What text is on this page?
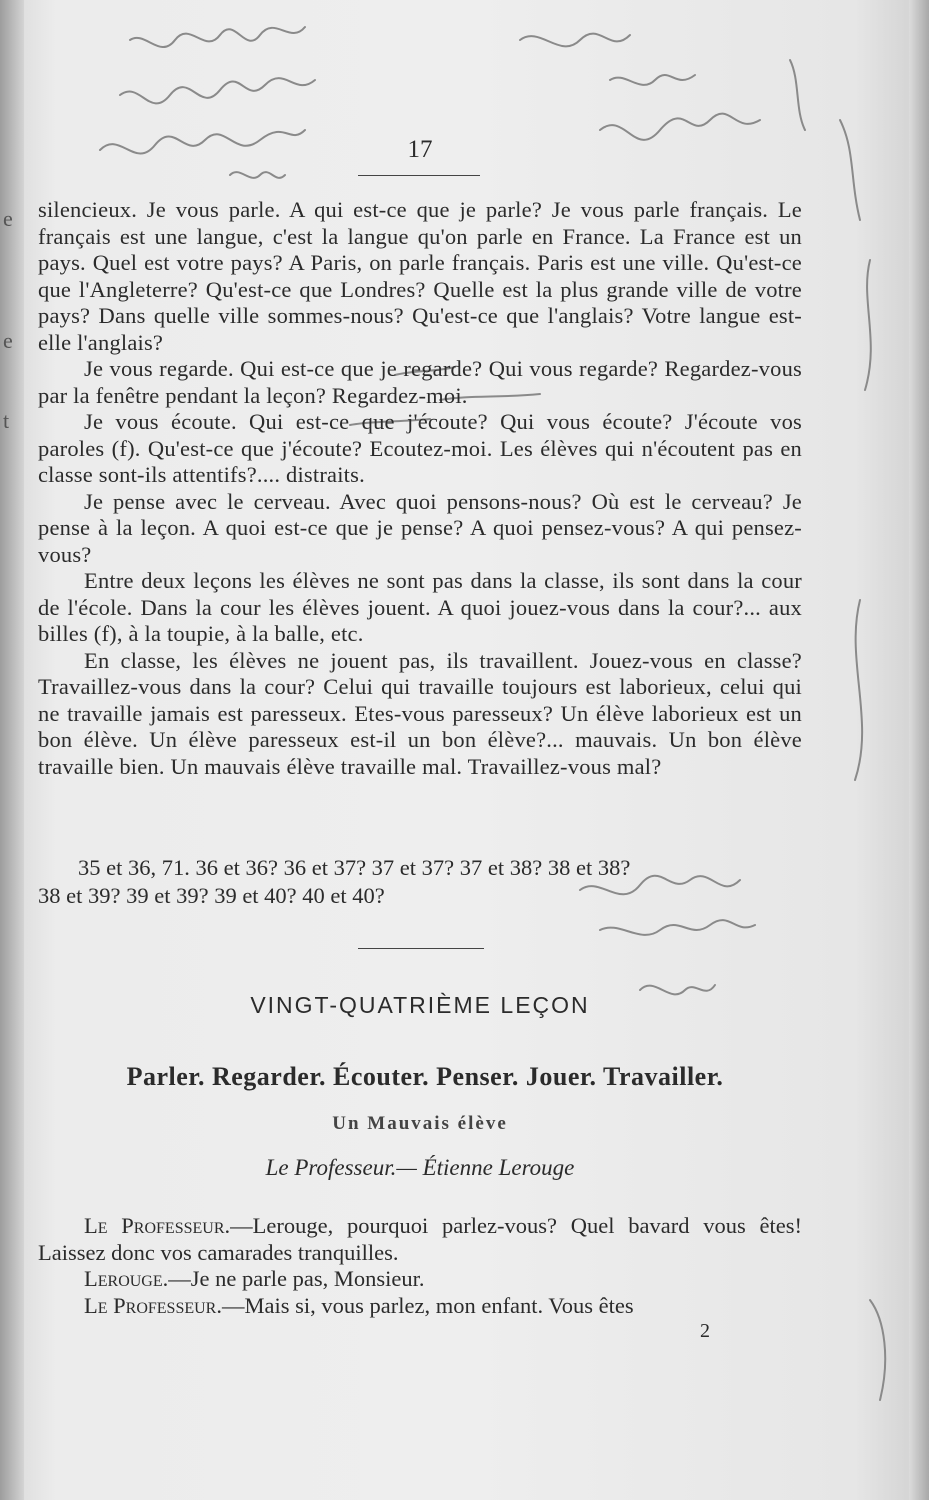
e
e
t
17

silencieux. Je vous parle. A qui est-ce que je parle? Je vous parle français. Le français est une langue, c'est la langue qu'on parle en France. La France est un pays. Quel est votre pays? A Paris, on parle français. Paris est une ville. Qu'est-ce que l'Angleterre? Qu'est-ce que Londres? Quelle est la plus grande ville de votre pays? Dans quelle ville sommes-nous? Qu'est-ce que l'anglais? Votre langue est-elle l'anglais?

Je vous regarde. Qui est-ce que je regarde? Qui vous regarde? Regardez-vous par la fenêtre pendant la leçon? Regardez-moi.

Je vous écoute. Qui est-ce que j'écoute? Qui vous écoute? J'écoute vos paroles (f). Qu'est-ce que j'écoute? Ecoutez-moi. Les élèves qui n'écoutent pas en classe sont-ils attentifs?.... distraits.

Je pense avec le cerveau. Avec quoi pensons-nous? Où est le cerveau? Je pense à la leçon. A quoi est-ce que je pense? A quoi pensez-vous? A qui pensez-vous?

Entre deux leçons les élèves ne sont pas dans la classe, ils sont dans la cour de l'école. Dans la cour les élèves jouent. A quoi jouez-vous dans la cour?... aux billes (f), à la toupie, à la balle, etc.

En classe, les élèves ne jouent pas, ils travaillent. Jouez-vous en classe? Travaillez-vous dans la cour? Celui qui travaille toujours est laborieux, celui qui ne travaille jamais est paresseux. Etes-vous paresseux? Un élève laborieux est un bon élève. Un élève paresseux est-il un bon élève?... mauvais. Un bon élève travaille bien. Un mauvais élève travaille mal. Travaillez-vous mal?

35 et 36, 71. 36 et 36? 36 et 37? 37 et 37? 37 et 38? 38 et 38?

38 et 39? 39 et 39? 39 et 40? 40 et 40?

VINGT-QUATRIÈME LEÇON
Parler. Regarder. Écouter. Penser. Jouer. Travailler.
Un Mauvais élève
Le Professeur.— Étienne Lerouge

Le Professeur.—Lerouge, pourquoi parlez-vous? Quel bavard vous êtes! Laissez donc vos camarades tranquilles.

Lerouge.—Je ne parle pas, Monsieur.

Le Professeur.—Mais si, vous parlez, mon enfant. Vous êtes

2
